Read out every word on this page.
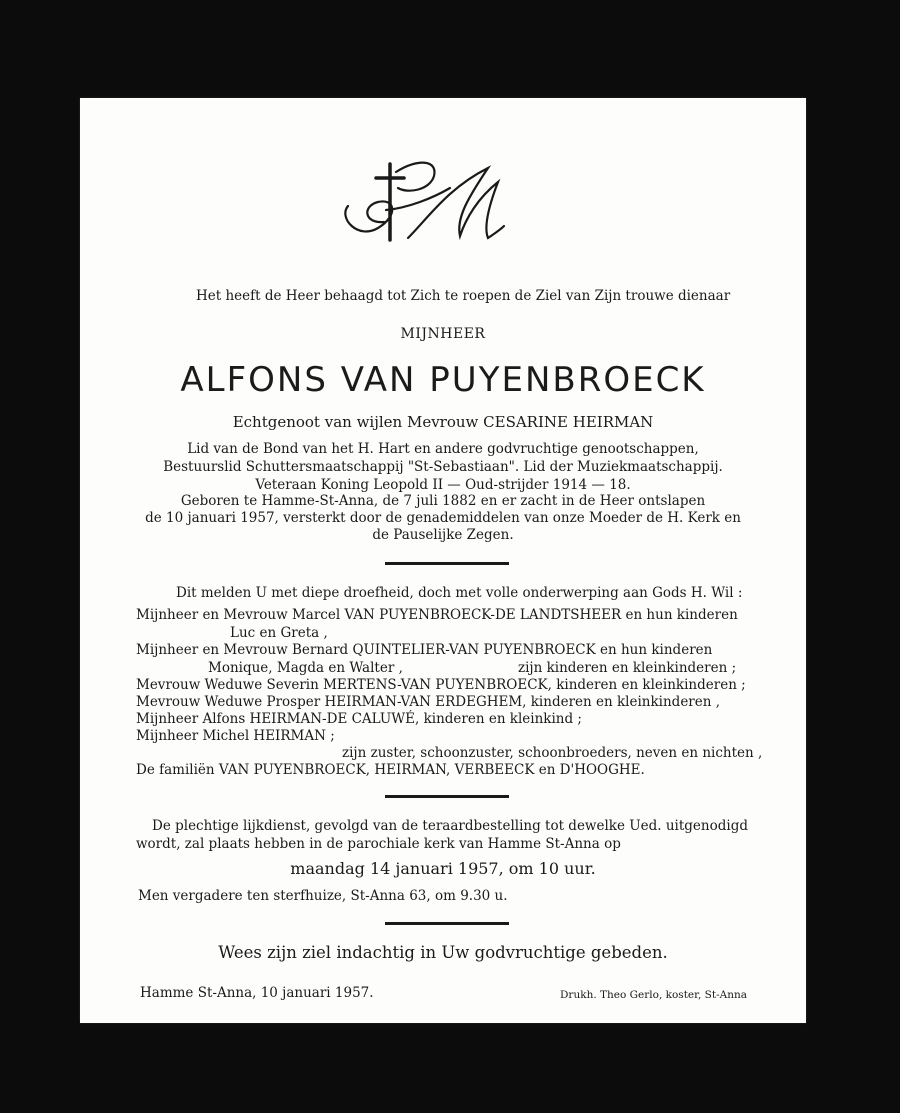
Het heeft de Heer behaagd tot Zich te roepen de Ziel van Zijn trouwe dienaar
MIJNHEER
ALFONS VAN PUYENBROECK
Echtgenoot van wijlen Mevrouw CESARINE HEIRMAN
Lid van de Bond van het H. Hart en andere godvruchtige genootschappen,
Bestuurslid Schuttersmaatschappij "St-Sebastiaan". Lid der Muziekmaatschappij.
Veteraan Koning Leopold II — Oud-strijder 1914 — 18.
Geboren te Hamme-St-Anna, de 7 juli 1882 en er zacht in de Heer ontslapen
de 10 januari 1957, versterkt door de genademiddelen van onze Moeder de H. Kerk en
de Pauselijke Zegen.
Dit melden U met diepe droefheid, doch met volle onderwerping aan Gods H. Wil :
Mijnheer en Mevrouw Marcel VAN PUYENBROECK-DE LANDTSHEER en hun kinderen
Luc en Greta ,
Mijnheer en Mevrouw Bernard QUINTELIER-VAN PUYENBROECK en hun kinderen
Monique, Magda en Walter ,	zijn kinderen en kleinkinderen ;
Mevrouw Weduwe Severin MERTENS-VAN PUYENBROECK, kinderen en kleinkinderen ;
Mevrouw Weduwe Prosper HEIRMAN-VAN ERDEGHEM, kinderen en kleinkinderen ,
Mijnheer Alfons HEIRMAN-DE CALUWÉ, kinderen en kleinkind ;
Mijnheer Michel HEIRMAN ;
zijn zuster, schoonzuster, schoonbroeders, neven en nichten ,
De familiën VAN PUYENBROECK, HEIRMAN, VERBEECK en D'HOOGHE.
De plechtige lijkdienst, gevolgd van de teraardbestelling tot dewelke Ued. uitgenodigd
wordt, zal plaats hebben in de parochiale kerk van Hamme St-Anna op
maandag 14 januari 1957, om 10 uur.
Men vergadere ten sterfhuize, St-Anna 63, om 9.30 u.
Wees zijn ziel indachtig in Uw godvruchtige gebeden.
Hamme St-Anna, 10 januari 1957.	Drukh. Theo Gerlo, koster, St-Anna
